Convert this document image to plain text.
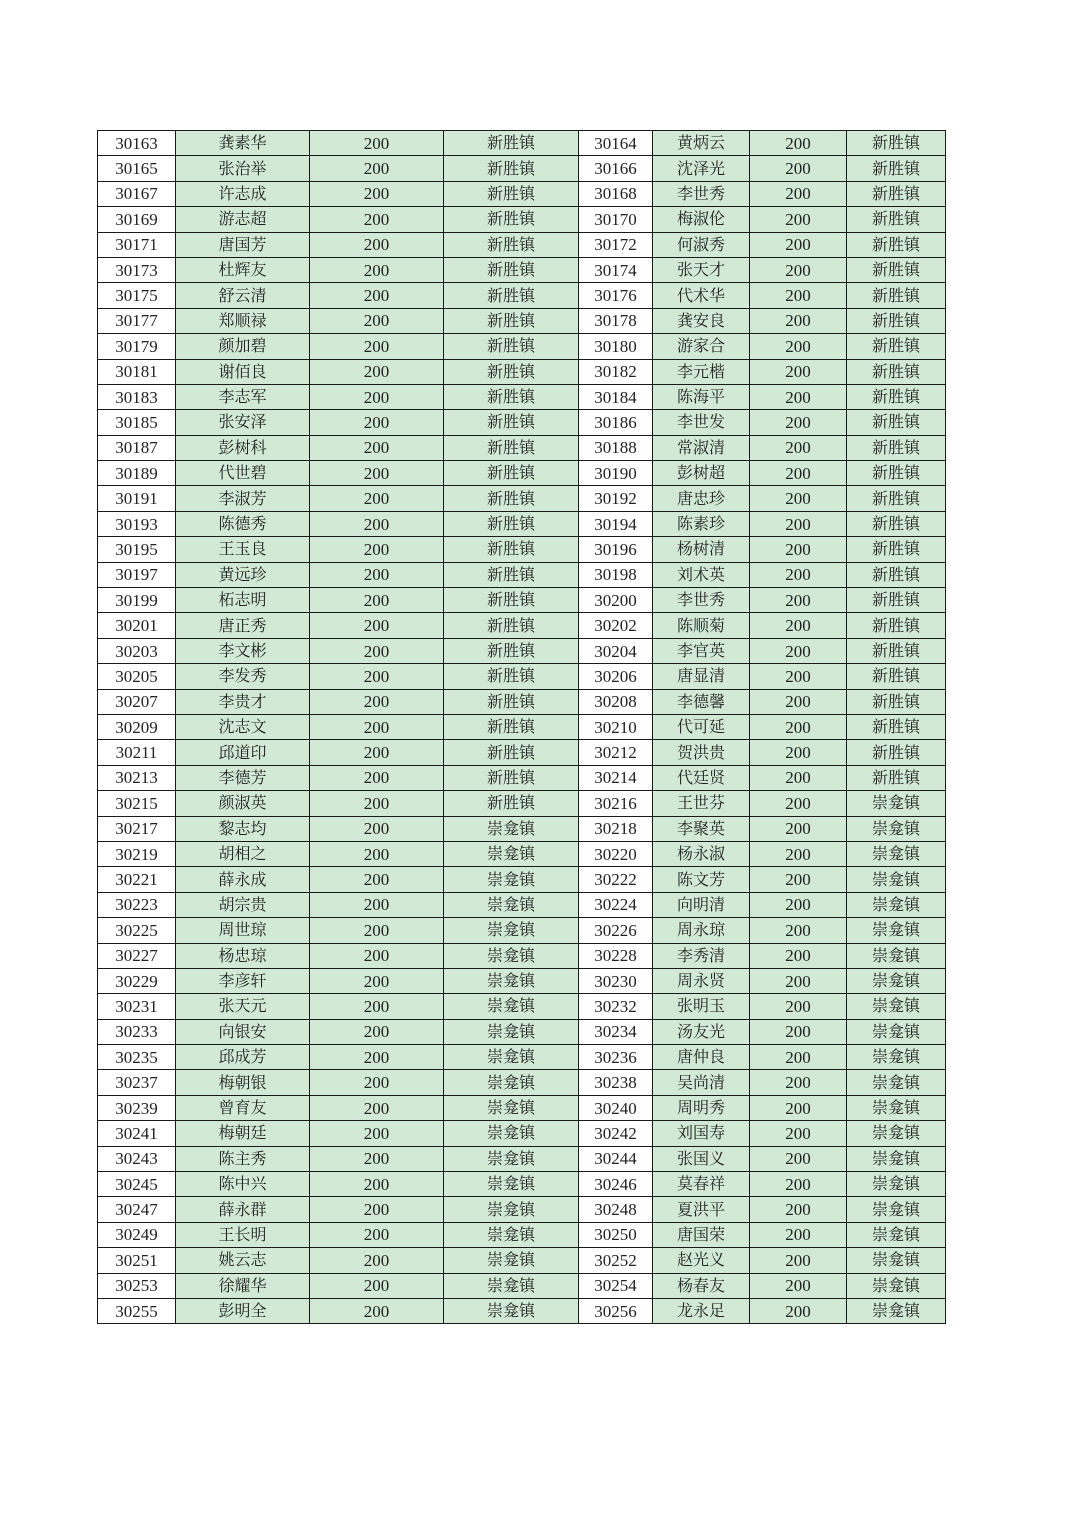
30163	龚素华	200	新胜镇	30164	黄炳云	200	新胜镇
30165	张治举	200	新胜镇	30166	沈泽光	200	新胜镇
30167	许志成	200	新胜镇	30168	李世秀	200	新胜镇
30169	游志超	200	新胜镇	30170	梅淑伦	200	新胜镇
30171	唐国芳	200	新胜镇	30172	何淑秀	200	新胜镇
30173	杜辉友	200	新胜镇	30174	张天才	200	新胜镇
30175	舒云清	200	新胜镇	30176	代术华	200	新胜镇
30177	郑顺禄	200	新胜镇	30178	龚安良	200	新胜镇
30179	颜加碧	200	新胜镇	30180	游家合	200	新胜镇
30181	谢佰良	200	新胜镇	30182	李元楷	200	新胜镇
30183	李志军	200	新胜镇	30184	陈海平	200	新胜镇
30185	张安泽	200	新胜镇	30186	李世发	200	新胜镇
30187	彭树科	200	新胜镇	30188	常淑清	200	新胜镇
30189	代世碧	200	新胜镇	30190	彭树超	200	新胜镇
30191	李淑芳	200	新胜镇	30192	唐忠珍	200	新胜镇
30193	陈德秀	200	新胜镇	30194	陈素珍	200	新胜镇
30195	王玉良	200	新胜镇	30196	杨树清	200	新胜镇
30197	黄远珍	200	新胜镇	30198	刘术英	200	新胜镇
30199	柘志明	200	新胜镇	30200	李世秀	200	新胜镇
30201	唐正秀	200	新胜镇	30202	陈顺菊	200	新胜镇
30203	李文彬	200	新胜镇	30204	李官英	200	新胜镇
30205	李发秀	200	新胜镇	30206	唐显清	200	新胜镇
30207	李贵才	200	新胜镇	30208	李德馨	200	新胜镇
30209	沈志文	200	新胜镇	30210	代可延	200	新胜镇
30211	邱道印	200	新胜镇	30212	贺洪贵	200	新胜镇
30213	李德芳	200	新胜镇	30214	代廷贤	200	新胜镇
30215	颜淑英	200	新胜镇	30216	王世芬	200	崇龛镇
30217	黎志均	200	崇龛镇	30218	李聚英	200	崇龛镇
30219	胡相之	200	崇龛镇	30220	杨永淑	200	崇龛镇
30221	薛永成	200	崇龛镇	30222	陈文芳	200	崇龛镇
30223	胡宗贵	200	崇龛镇	30224	向明清	200	崇龛镇
30225	周世琼	200	崇龛镇	30226	周永琼	200	崇龛镇
30227	杨忠琼	200	崇龛镇	30228	李秀清	200	崇龛镇
30229	李彦轩	200	崇龛镇	30230	周永贤	200	崇龛镇
30231	张天元	200	崇龛镇	30232	张明玉	200	崇龛镇
30233	向银安	200	崇龛镇	30234	汤友光	200	崇龛镇
30235	邱成芳	200	崇龛镇	30236	唐仲良	200	崇龛镇
30237	梅朝银	200	崇龛镇	30238	吴尚清	200	崇龛镇
30239	曾育友	200	崇龛镇	30240	周明秀	200	崇龛镇
30241	梅朝廷	200	崇龛镇	30242	刘国寿	200	崇龛镇
30243	陈主秀	200	崇龛镇	30244	张国义	200	崇龛镇
30245	陈中兴	200	崇龛镇	30246	莫春祥	200	崇龛镇
30247	薛永群	200	崇龛镇	30248	夏洪平	200	崇龛镇
30249	王长明	200	崇龛镇	30250	唐国荣	200	崇龛镇
30251	姚云志	200	崇龛镇	30252	赵光义	200	崇龛镇
30253	徐耀华	200	崇龛镇	30254	杨春友	200	崇龛镇
30255	彭明全	200	崇龛镇	30256	龙永足	200	崇龛镇
